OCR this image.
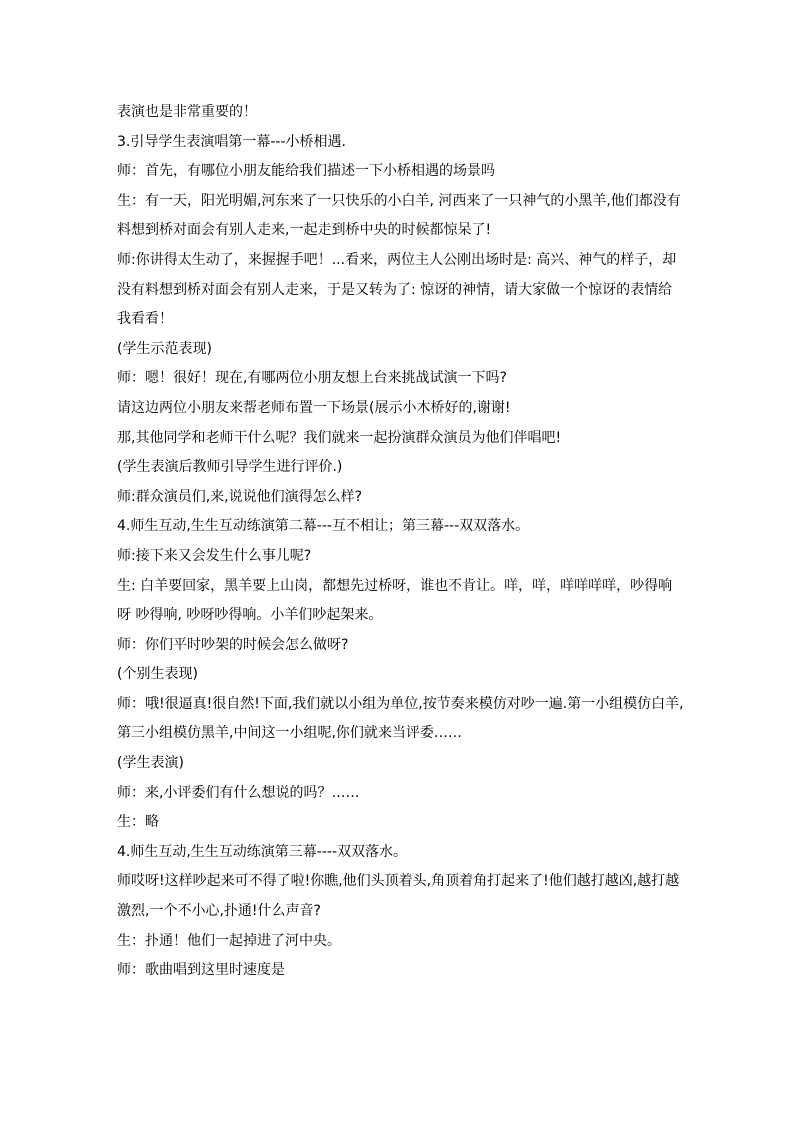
表演也是非常重要的！
3.引导学生表演唱第一幕---小桥相遇.
师：首先，有哪位小朋友能给我们描述一下小桥相遇的场景吗
生：有一天，阳光明媚,河东来了一只快乐的小白羊, 河西来了一只神气的小黑羊,他们都没有
料想到桥对面会有别人走来,一起走到桥中央的时候都惊呆了!
师:你讲得太生动了，来握握手吧！...看来，两位主人公刚出场时是: 高兴、神气的样子，却
没有料想到桥对面会有别人走来，于是又转为了: 惊讶的神情，请大家做一个惊讶的表情给
我看看！
(学生示范表现)
师：嗯！很好！现在,有哪两位小朋友想上台来挑战试演一下吗?
请这边两位小朋友来帮老师布置一下场景(展示小木桥好的,谢谢!
那,其他同学和老师干什么呢？我们就来一起扮演群众演员为他们伴唱吧!
(学生表演后教师引导学生进行评价.)
师:群众演员们,来,说说他们演得怎么样?
4.师生互动,生生互动练演第二幕---互不相让；第三幕---双双落水。
师:接下来又会发生什么事儿呢?
生: 白羊要回家，黑羊要上山岗，都想先过桥呀，谁也不肯让。咩，咩，咩咩咩咩，吵得响
呀 吵得响, 吵呀吵得响。小羊们吵起架来。
师：你们平时吵架的时候会怎么做呀?
(个别生表现)
师：哦!很逼真!很自然!下面,我们就以小组为单位,按节奏来模仿对吵一遍.第一小组模仿白羊,
第三小组模仿黑羊,中间这一小组呢,你们就来当评委……
(学生表演)
师：来,小评委们有什么想说的吗？……
生：略
4.师生互动,生生互动练演第三幕----双双落水。
师哎呀!这样吵起来可不得了啦!你瞧,他们头顶着头,角顶着角打起来了!他们越打越凶,越打越
激烈,一个不小心,扑通!什么声音?
生：扑通！他们一起掉进了河中央。
师：歌曲唱到这里时速度是
